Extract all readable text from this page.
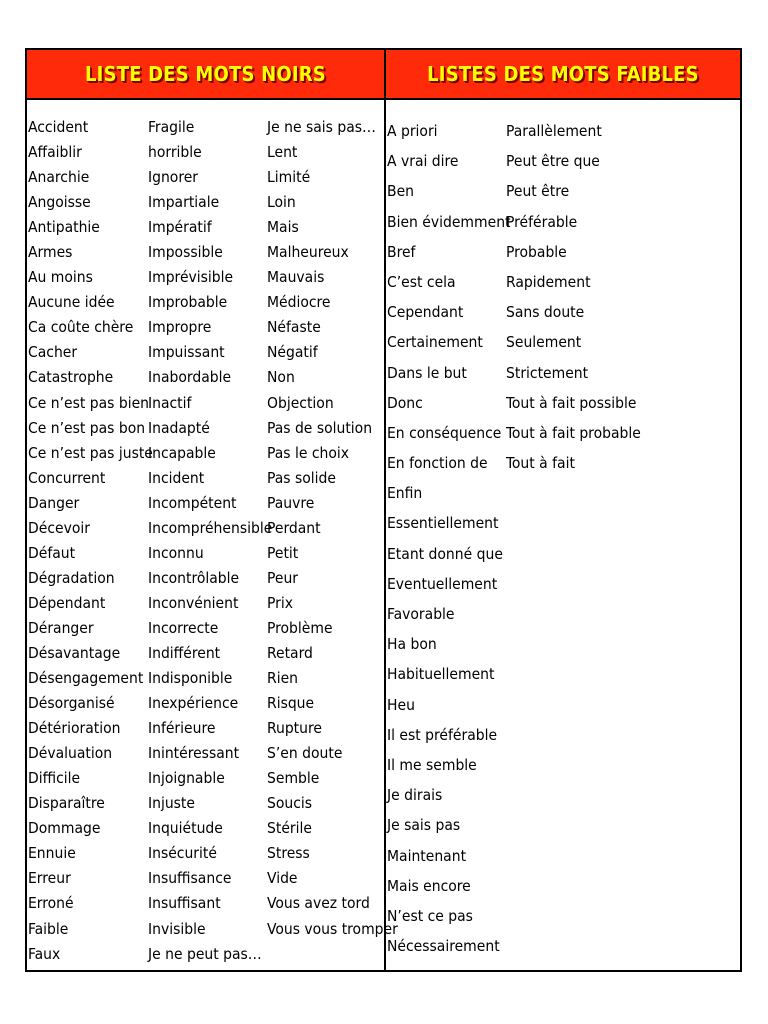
LISTE DES MOTS NOIRS	LISTES DES MOTS FAIBLES
Accident
Affaiblir
Anarchie
Angoisse
Antipathie
Armes
Au moins
Aucune idée
Ca coûte chère
Cacher
Catastrophe
Ce n’est pas bien
Ce n’est pas bon
Ce n’est pas juste
Concurrent
Danger
Décevoir
Défaut
Dégradation
Dépendant
Déranger
Désavantage
Désengagement
Désorganisé
Détérioration
Dévaluation
Difficile
Disparaître
Dommage
Ennuie
Erreur
Erroné
Faible
Faux
Fragile
horrible
Ignorer
Impartiale
Impératif
Impossible
Imprévisible
Improbable
Impropre
Impuissant
Inabordable
Inactif
Inadapté
Incapable
Incident
Incompétent
Incompréhensible
Inconnu
Incontrôlable
Inconvénient
Incorrecte
Indifférent
Indisponible
Inexpérience
Inférieure
Inintéressant
Injoignable
Injuste
Inquiétude
Insécurité
Insuffisance
Insuffisant
Invisible
Je ne peut pas…
Je ne sais pas…
Lent
Limité
Loin
Mais
Malheureux
Mauvais
Médiocre
Néfaste
Négatif
Non
Objection
Pas de solution
Pas le choix
Pas solide
Pauvre
Perdant
Petit
Peur
Prix
Problème
Retard
Rien
Risque
Rupture
S’en doute
Semble
Soucis
Stérile
Stress
Vide
Vous avez tord
Vous vous tromper
A priori
A vrai dire
Ben
Bien évidemment
Bref
C’est cela
Cependant
Certainement
Dans le but
Donc
En conséquence
En fonction de
Enfin
Essentiellement
Etant donné que
Eventuellement
Favorable
Ha bon
Habituellement
Heu
Il est préférable
Il me semble
Je dirais
Je sais pas
Maintenant
Mais encore
N’est ce pas
Nécessairement
Parallèlement
Peut être que
Peut être
Préférable
Probable
Rapidement
Sans doute
Seulement
Strictement
Tout à fait possible
Tout à fait probable
Tout à fait
